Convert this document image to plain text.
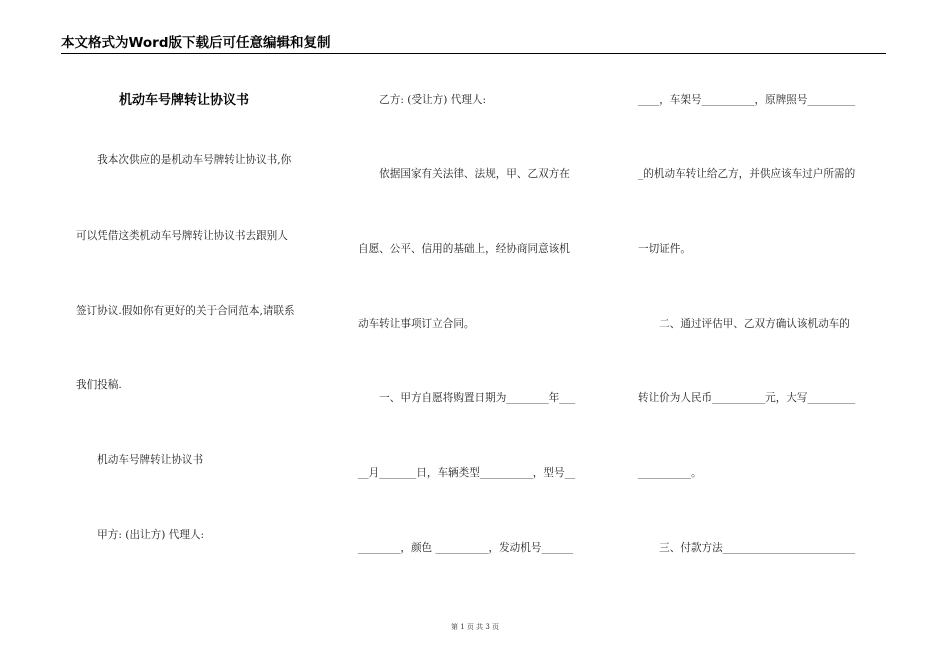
本文格式为Word版下载后可任意编辑和复制
机动车号牌转让协议书
　　我本次供应的是机动车号牌转让协议书,你
可以凭借这类机动车号牌转让协议书去跟别人
签订协议.假如你有更好的关于合同范本,请联系
我们投稿.
　　机动车号牌转让协议书
　　甲方: (出让方) 代理人:
　　乙方: (受让方) 代理人:
　　依据国家有关法律、法规，甲、乙双方在
自愿、公平、信用的基础上，经协商同意该机
动车转让事项订立合同。
　　一、甲方自愿将购置日期为________年___
__月_______日，车辆类型__________，型号__
________，颜色 __________，发动机号______
____，车架号__________，原牌照号_________
_的机动车转让给乙方，并供应该车过户所需的
一切证件。
　　二、通过评估甲、乙双方确认该机动车的
转让价为人民币__________元，大写_________
__________。
　　三、付款方法_________________________
第 1 页 共 3 页
